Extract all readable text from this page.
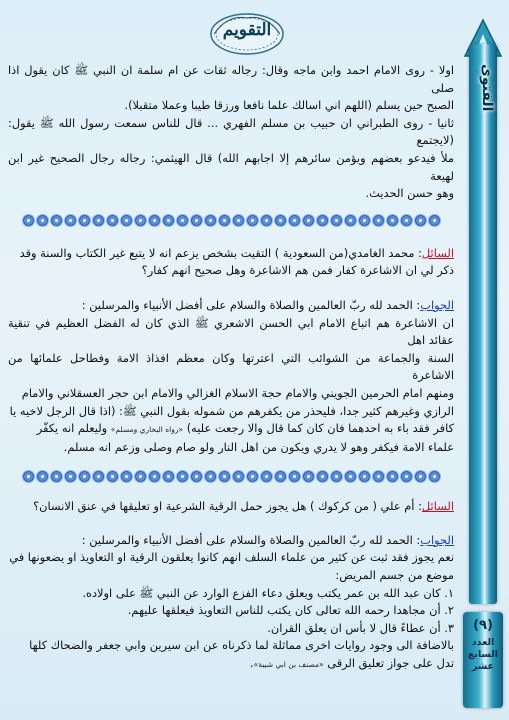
التقويم
الفتوى
(٩)
العدد
السابع
عشر

اولا - روى الامام احمد وابن ماجه وقال: رجاله ثقات عن ام سلمة ان النبي ﷺ كان يقول اذا صلى
الصبح حين يسلم (اللهم اني اسالك علما نافعا ورزقا طيبا وعملا متقبلا).
ثانيا - روى الطبراني ان حبيب بن مسلم الفهري ... قال للناس سمعت رسول الله ﷺ يقول: (لايجتمع
ملأ فيدعو بعضهم ويؤمن سائرهم إلا اجابهم الله) قال الهيثمي: رجاله رجال الصحيح غير ابن لهيعة
وهو حسن الحديث.

السائل: محمد الغامدي(من السعودية ) التقيت بشخص يزعم انه لا يتبع غير الكتاب والسنة وقد
ذكر لي ان الاشاعرة كفار فمن هم الاشاعرة وهل صحيح انهم كفار؟

الجواب: الحمد لله ربّ العالمين والصلاة والسلام على أفضل الأنبياء والمرسلين :
ان الاشاعرة هم اتباع الامام ابي الحسن الاشعري ﷺ الذي كان له الفضل العظيم في تنقية عقائد اهل
السنة والجماعة من الشوائب التي اعترتها وكان معظم افذاذ الامة وفطاحل علمائها من الاشاعرة
ومنهم امام الحرمين الجويني والامام حجة الاسلام الغزالي والامام ابن حجر العسقلاني والامام
الرازي وغيرهم كثير جدا، فليحذر من يكفرهم من شموله بقول النبي ﷺ: (اذا قال الرجل لاخيه يا
كافر فقد باء به احدهما فان كان كما قال والا رجعت عليه) «رواه البخاري ومسلم» وليعلم انه يكفّر
علماء الامة فيكفر وهو لا يدري ويكون من اهل النار ولو صام وصلى وزعم انه مسلم.

السائل: أم علي ( من كركوك ) هل يجوز حمل الرقية الشرعية او تعليقها في عنق الانسان؟

الجواب: الحمد لله ربّ العالمين والصلاة والسلام على أفضل الأنبياء والمرسلين :
نعم يجوز فقد ثبت عن كثير من علماء السلف انهم كانوا يعلقون الرقية او التعاويذ او يضعونها في
موضع من جسم المريض:
١. كان عبد الله بن عمر يكتب ويعلق دعاء الفزع الوارد عن النبي ﷺ على اولاده.
٢. أن مجاهدا رحمه الله تعالى كان يكتب للناس التعاويذ فيعلقها عليهم.
٣. أن عطاءً قال لا بأس ان يعلق القران.
بالاضافة الى وجود روايات اخرى مماثلة لما ذكرناه عن ابن سيرين وابي جعفر والضحاك كلها
تدل على جواز تعليق الرقى «مصنف بن ابي شيبة».
